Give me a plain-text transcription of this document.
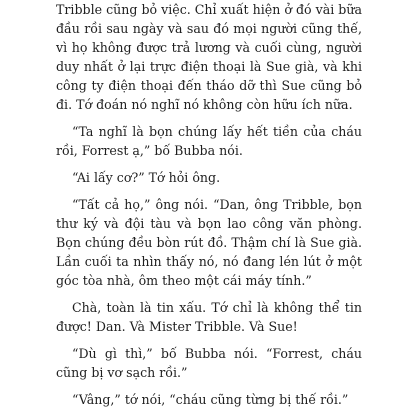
Tribble cũng bỏ việc. Chỉ xuất hiện ở đó vài bữa đầu rồi sau ngày và sau đó mọi người cũng thế, vì họ không được trả lương và cuối cùng, người duy nhất ở lại trực điện thoại là Sue già, và khi công ty điện thoại đến tháo dỡ thì Sue cũng bỏ đi. Tớ đoán nó nghĩ nó không còn hữu ích nữa.

“Ta nghĩ là bọn chúng lấy hết tiền của cháu rồi, Forrest ạ,” bố Bubba nói.

“Ai lấy cơ?” Tớ hỏi ông.

“Tất cả họ,” ông nói. “Dan, ông Tribble, bọn thư ký và đội tàu và bọn lao công văn phòng. Bọn chúng đều bòn rút đồ. Thậm chí là Sue già. Lần cuối ta nhìn thấy nó, nó đang lén lút ở một góc tòa nhà, ôm theo một cái máy tính.”

Chà, toàn là tin xấu. Tớ chỉ là không thể tin được! Dan. Và Mister Tribble. Và Sue!

“Dù gì thì,” bố Bubba nói. “Forrest, cháu cũng bị vơ sạch rồi.”

“Vâng,” tớ nói, “cháu cũng từng bị thế rồi.”
